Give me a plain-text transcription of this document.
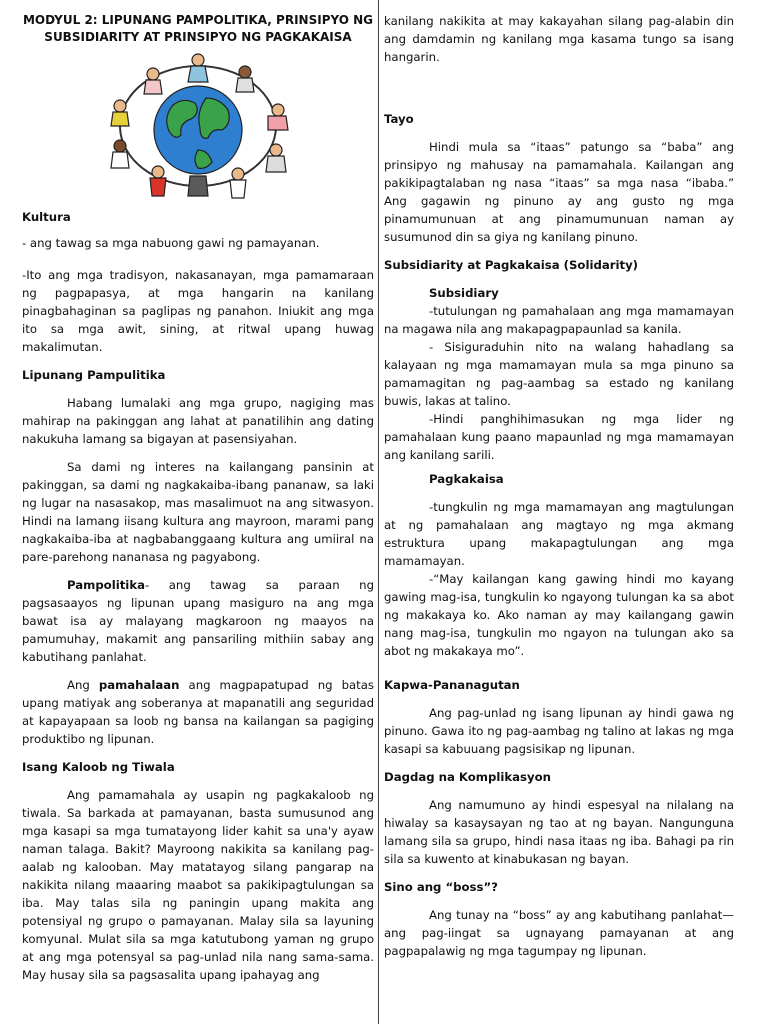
MODYUL 2: LIPUNANG PAMPOLITIKA, PRINSIPYO NG SUBSIDIARITY AT PRINSIPYO NG PAGKAKAISA

Kultura

- ang tawag sa mga nabuong gawi ng pamayanan.

-Ito ang mga tradisyon, nakasanayan, mga pamamaraan ng pagpapasya, at mga hangarin na kanilang pinagbahaginan sa paglipas ng panahon. Iniukit ang mga ito sa mga awit, sining, at ritwal upang huwag makalimutan.

Lipunang Pampulitika

Habang lumalaki ang mga grupo, nagiging mas mahirap na pakinggan ang lahat at panatilihin ang dating nakukuha lamang sa bigayan at pasensiyahan.

Sa dami ng interes na kailangang pansinin at pakinggan, sa dami ng nagkakaiba-ibang pananaw, sa laki ng lugar na nasasakop, mas masalimuot na ang sitwasyon. Hindi na lamang iisang kultura ang mayroon, marami pang nagkakaiba-iba at nagbabanggaang kultura ang umiiral na pare-parehong nananasa ng pagyabong.

Pampolitika- ang tawag sa paraan ng pagsasaayos ng lipunan upang masiguro na ang mga bawat isa ay malayang magkaroon ng maayos na pamumuhay, makamit ang pansariling mithiin sabay ang kabutihang panlahat.

Ang pamahalaan ang magpapatupad ng batas upang matiyak ang soberanya at mapanatili ang seguridad at kapayapaan sa loob ng bansa na kailangan sa pagiging produktibo ng lipunan.

Isang Kaloob ng Tiwala

Ang pamamahala ay usapin ng pagkakaloob ng tiwala. Sa barkada at pamayanan, basta sumusunod ang mga kasapi sa mga tumatayong lider kahit sa una'y ayaw naman talaga. Bakit? Mayroong nakikita sa kanilang pag-aalab ng kalooban. May matatayog silang pangarap na nakikita nilang maaaring maabot sa pakikipagtulungan sa iba. May talas sila ng paningin upang makita ang potensiyal ng grupo o pamayanan. Malay sila sa layuning komyunal. Mulat sila sa mga katutubong yaman ng grupo at ang mga potensyal sa pag-unlad nila nang sama-sama. May husay sila sa pagsasalita upang ipahayag ang

kanilang nakikita at may kakayahan silang pag-alabin din ang damdamin ng kanilang mga kasama tungo sa isang hangarin.

Tayo

Hindi mula sa “itaas” patungo sa “baba” ang prinsipyo ng mahusay na pamamahala. Kailangan ang pakikipagtalaban ng nasa “itaas” sa mga nasa “ibaba.” Ang gagawin ng pinuno ay ang gusto ng mga pinamumunuan at ang pinamumunuan naman ay susumunod din sa giya ng kanilang pinuno.

Subsidiarity at Pagkakaisa (Solidarity)

Subsidiary

-tutulungan ng pamahalaan ang mga mamamayan na magawa nila ang makapagpapaunlad sa kanila.

- Sisiguraduhin nito na walang hahadlang sa kalayaan ng mga mamamayan mula sa mga pinuno sa pamamagitan ng pag-aambag sa estado ng kanilang buwis, lakas at talino.

-Hindi panghihimasukan ng mga lider ng pamahalaan kung paano mapaunlad ng mga mamamayan ang kanilang sarili.

Pagkakaisa

-tungkulin ng mga mamamayan ang magtulungan at ng pamahalaan ang magtayo ng mga akmang estruktura upang makapagtulungan ang mga mamamayan.

-“May kailangan kang gawing hindi mo kayang gawing mag-isa, tungkulin ko ngayong tulungan ka sa abot ng makakaya ko. Ako naman ay may kailangang gawin nang mag-isa, tungkulin mo ngayon na tulungan ako sa abot ng makakaya mo”.

Kapwa-Pananagutan

Ang pag-unlad ng isang lipunan ay hindi gawa ng pinuno. Gawa ito ng pag-aambag ng talino at lakas ng mga kasapi sa kabuuang pagsisikap ng lipunan.

Dagdag na Komplikasyon

Ang namumuno ay hindi espesyal na nilalang na hiwalay sa kasaysayan ng tao at ng bayan. Nangunguna lamang sila sa grupo, hindi nasa itaas ng iba. Bahagi pa rin sila sa kuwento at kinabukasan ng bayan.

Sino ang “boss”?

Ang tunay na “boss” ay ang kabutihang panlahat—ang pag-iingat sa ugnayang pamayanan at ang pagpapalawig ng mga tagumpay ng lipunan.
